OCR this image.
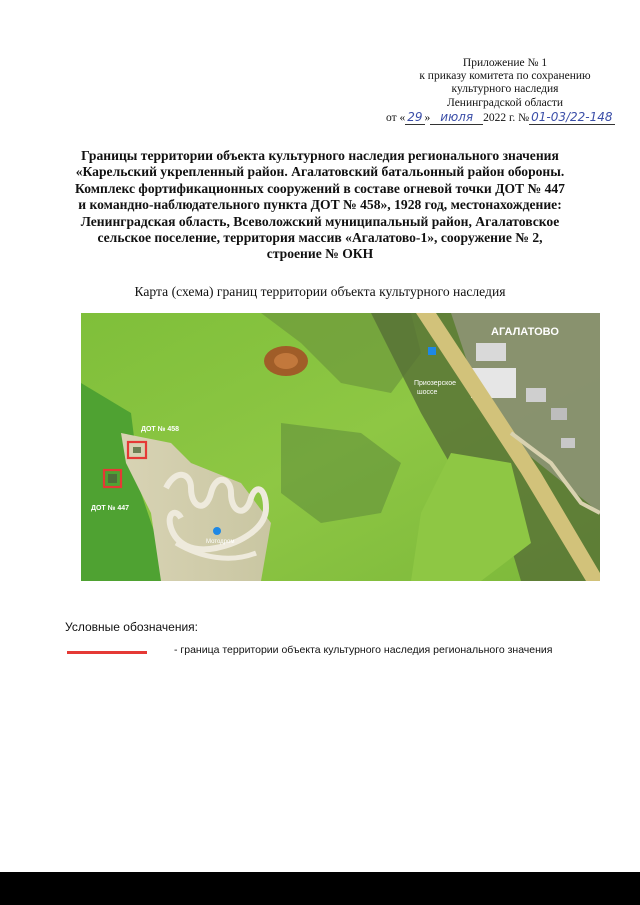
Приложение № 1
к приказу комитета по сохранению
культурного наследия
Ленинградской области
от « 29 » июля 2022 г. № 01-03/22-148
Границы территории объекта культурного наследия регионального значения
«Карельский укрепленный район. Агалатовский батальонный район обороны.
Комплекс фортификационных сооружений в составе огневой точки ДОТ № 447
и командно-наблюдательного пункта ДОТ № 458», 1928 год, местонахождение:
Ленинградская область, Всеволожский муниципальный район, Агалатовское
сельское поселение, территория массив «Агалатово-1», сооружение № 2,
строение № ОКН
Карта (схема) границ территории объекта культурного наследия
АГАЛАТОВО
Приозерское
шоссе
ДОТ № 458
ДОТ № 447
Мотодром
Условные обозначения:
- граница территории объекта культурного наследия регионального значения
